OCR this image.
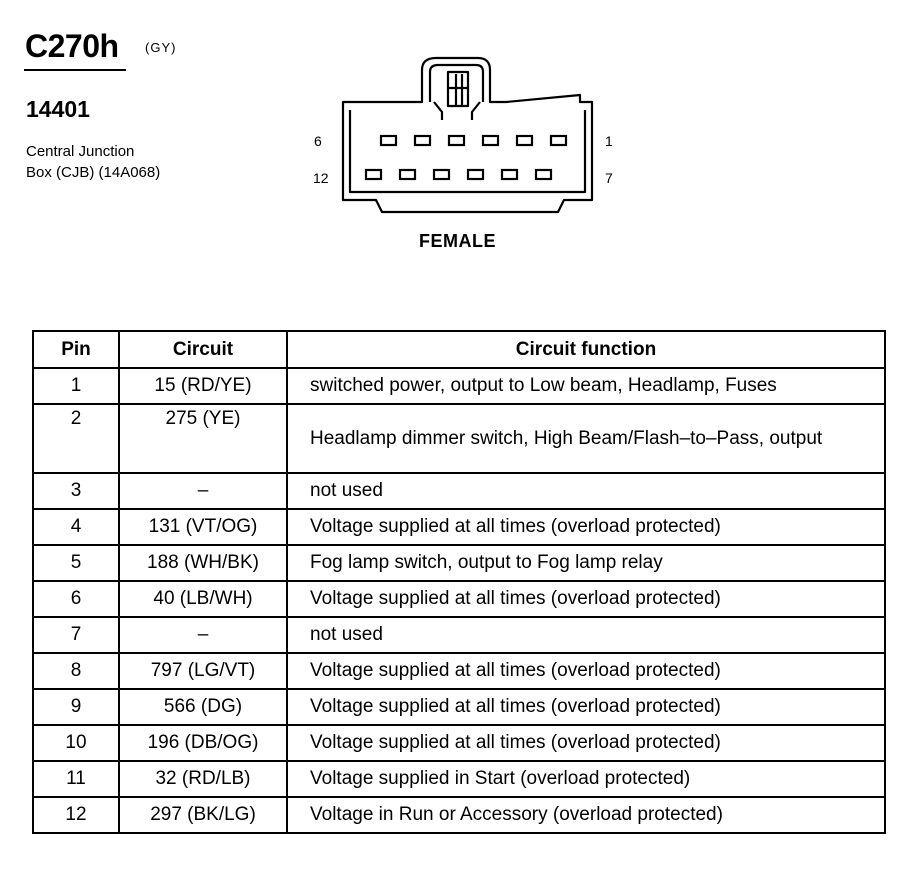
C270h (GY)
14401
Central Junction
Box (CJB) (14A068)
6	1
12	7
FEMALE
Pin	Circuit	Circuit function
1	15 (RD/YE)	switched power, output to Low beam, Headlamp, Fuses
2	275 (YE)	Headlamp dimmer switch, High Beam/Flash–to–Pass, output
3	–	not used
4	131 (VT/OG)	Voltage supplied at all times (overload protected)
5	188 (WH/BK)	Fog lamp switch, output to Fog lamp relay
6	40 (LB/WH)	Voltage supplied at all times (overload protected)
7	–	not used
8	797 (LG/VT)	Voltage supplied at all times (overload protected)
9	566 (DG)	Voltage supplied at all times (overload protected)
10	196 (DB/OG)	Voltage supplied at all times (overload protected)
11	32 (RD/LB)	Voltage supplied in Start (overload protected)
12	297 (BK/LG)	Voltage in Run or Accessory (overload protected)
